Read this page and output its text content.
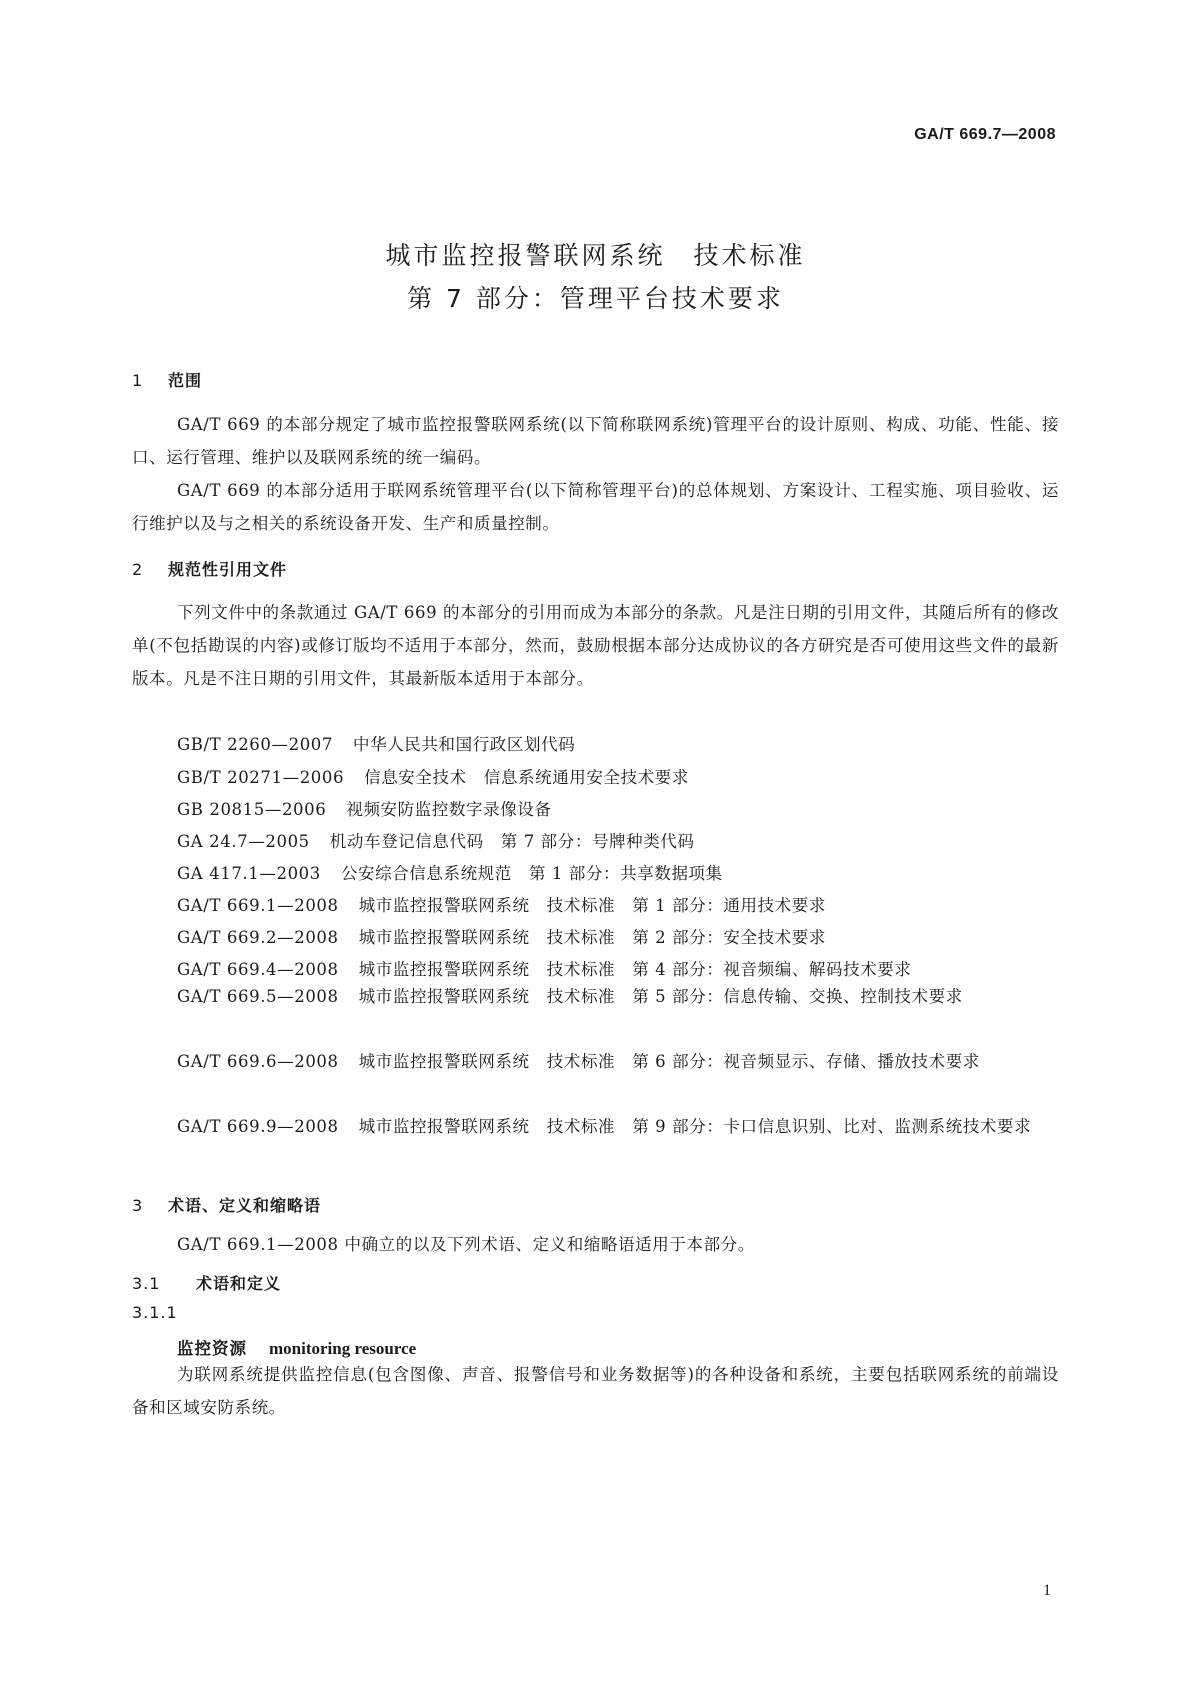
GA/T 669.7—2008
城市监控报警联网系统　技术标准
第 7 部分：管理平台技术要求
1 范围
GA/T 669 的本部分规定了城市监控报警联网系统(以下简称联网系统)管理平台的设计原则、构成、功能、性能、接口、运行管理、维护以及联网系统的统一编码。
GA/T 669 的本部分适用于联网系统管理平台(以下简称管理平台)的总体规划、方案设计、工程实施、项目验收、运行维护以及与之相关的系统设备开发、生产和质量控制。
2 规范性引用文件
下列文件中的条款通过 GA/T 669 的本部分的引用而成为本部分的条款。凡是注日期的引用文件，其随后所有的修改单(不包括勘误的内容)或修订版均不适用于本部分，然而，鼓励根据本部分达成协议的各方研究是否可使用这些文件的最新版本。凡是不注日期的引用文件，其最新版本适用于本部分。
GB/T 2260—2007 中华人民共和国行政区划代码
GB/T 20271—2006 信息安全技术　信息系统通用安全技术要求
GB 20815—2006 视频安防监控数字录像设备
GA 24.7—2005 机动车登记信息代码　第 7 部分：号牌种类代码
GA 417.1—2003 公安综合信息系统规范　第 1 部分：共享数据项集
GA/T 669.1—2008 城市监控报警联网系统　技术标准　第 1 部分：通用技术要求
GA/T 669.2—2008 城市监控报警联网系统　技术标准　第 2 部分：安全技术要求
GA/T 669.4—2008 城市监控报警联网系统　技术标准　第 4 部分：视音频编、解码技术要求
GA/T 669.5—2008 城市监控报警联网系统　技术标准　第 5 部分：信息传输、交换、控制技术要求
GA/T 669.6—2008 城市监控报警联网系统　技术标准　第 6 部分：视音频显示、存储、播放技术要求
GA/T 669.9—2008 城市监控报警联网系统　技术标准　第 9 部分：卡口信息识别、比对、监测系统技术要求
3 术语、定义和缩略语
GA/T 669.1—2008 中确立的以及下列术语、定义和缩略语适用于本部分。
3.1 术语和定义
3.1.1
监控资源 monitoring resource
为联网系统提供监控信息(包含图像、声音、报警信号和业务数据等)的各种设备和系统，主要包括联网系统的前端设备和区域安防系统。
1
